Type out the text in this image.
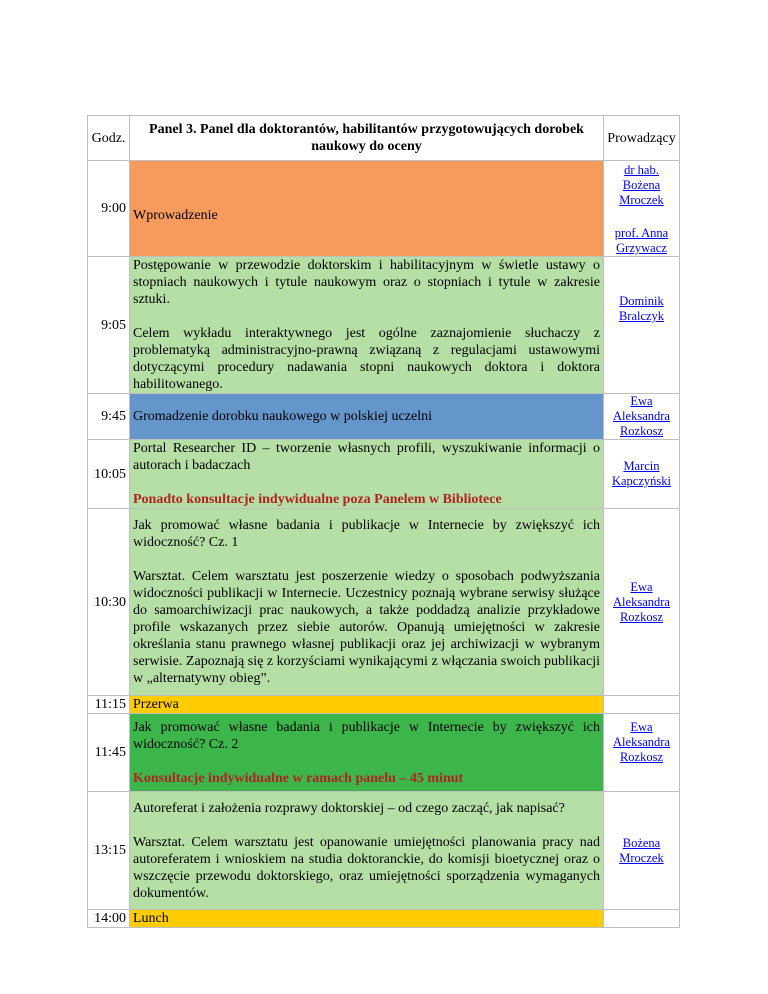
Godz.	Panel 3. Panel dla doktorantów, habilitantów przygotowujących dorobek naukowy do oceny	Prowadzący
9:00	Wprowadzenie	dr hab. Bożena Mroczek

prof. Anna Grzywacz

9:05	Postępowanie w przewodzie doktorskim i habilitacyjnym w świetle ustawy o stopniach naukowych i tytule naukowym oraz o stopniach i tytule w zakresie sztuki.

Celem wykładu interaktywnego jest ogólne zaznajomienie słuchaczy z problematyką administracyjno-prawną związaną z regulacjami ustawowymi dotyczącymi procedury nadawania stopni naukowych doktora i doktora habilitowanego.	Dominik Bralczyk
9:45	Gromadzenie dorobku naukowego w polskiej uczelni	Ewa Aleksandra Rozkosz
10:05	Portal Researcher ID – tworzenie własnych profili, wyszukiwanie informacji o autorach i badaczach

Ponadto konsultacje indywidualne poza Panelem w Bibliotece	Marcin Kapczyński
10:30	Jak promować własne badania i publikacje w Internecie by zwiększyć ich widoczność? Cz. 1

Warsztat. Celem warsztatu jest poszerzenie wiedzy o sposobach podwyższania widoczności publikacji w Internecie. Uczestnicy poznają wybrane serwisy służące do samoarchiwizacji prac naukowych, a także poddadzą analizie przykładowe profile wskazanych przez siebie autorów. Opanują umiejętności w zakresie określania stanu prawnego własnej publikacji oraz jej archiwizacji w wybranym serwisie. Zapoznają się z korzyściami wynikającymi z włączania swoich publikacji w „alternatywny obieg”.	Ewa Aleksandra Rozkosz
11:15	Przerwa	
11:45	Jak promować własne badania i publikacje w Internecie by zwiększyć ich widoczność? Cz. 2

Konsultacje indywidualne w ramach panelu – 45 minut	Ewa Aleksandra Rozkosz
13:15	Autoreferat i założenia rozprawy doktorskiej – od czego zacząć, jak napisać?

Warsztat. Celem warsztatu jest opanowanie umiejętności planowania pracy nad autoreferatem i wnioskiem na studia doktoranckie, do komisji bioetycznej oraz o wszczęcie przewodu doktorskiego, oraz umiejętności sporządzenia wymaganych dokumentów.	Bożena Mroczek
14:00	Lunch	
